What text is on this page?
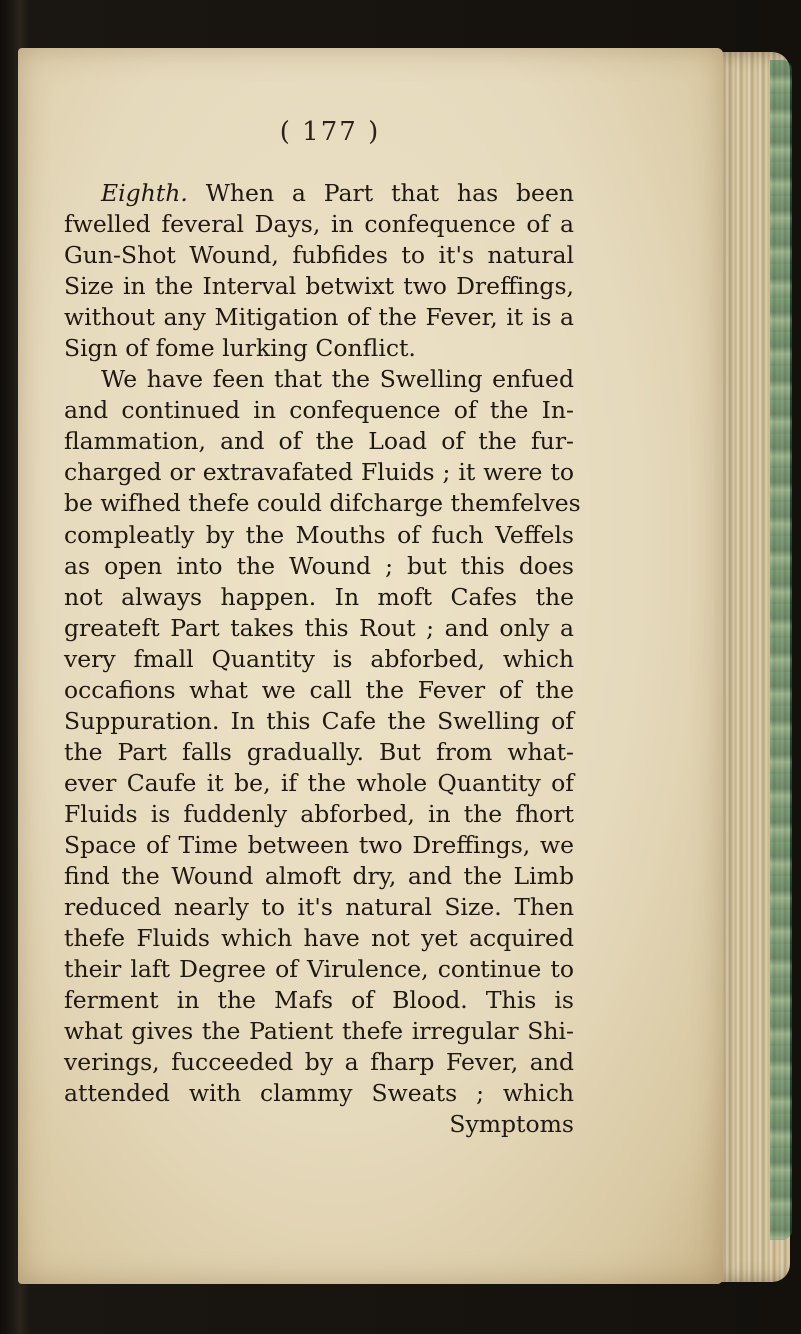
( 177 )
Eighth. When a Part that has been
fwelled feveral Days, in confequence of a
Gun-Shot Wound, fubfides to it's natural
Size in the Interval betwixt two Dreffings,
without any Mitigation of the Fever, it is a
Sign of fome lurking Conflict.
We have feen that the Swelling enfued
and continued in confequence of the In-
flammation, and of the Load of the fur-
charged or extravafated Fluids ; it were to
be wifhed thefe could difcharge themfelves
compleatly by the Mouths of fuch Veffels
as open into the Wound ; but this does
not always happen. In moft Cafes the
greateft Part takes this Rout ; and only a
very fmall Quantity is abforbed, which
occafions what we call the Fever of the
Suppuration. In this Cafe the Swelling of
the Part falls gradually. But from what-
ever Caufe it be, if the whole Quantity of
Fluids is fuddenly abforbed, in the fhort
Space of Time between two Dreffings, we
find the Wound almoft dry, and the Limb
reduced nearly to it's natural Size. Then
thefe Fluids which have not yet acquired
their laft Degree of Virulence, continue to
ferment in the Mafs of Blood. This is
what gives the Patient thefe irregular Shi-
verings, fucceeded by a fharp Fever, and
attended with clammy Sweats ; which
Symptoms
